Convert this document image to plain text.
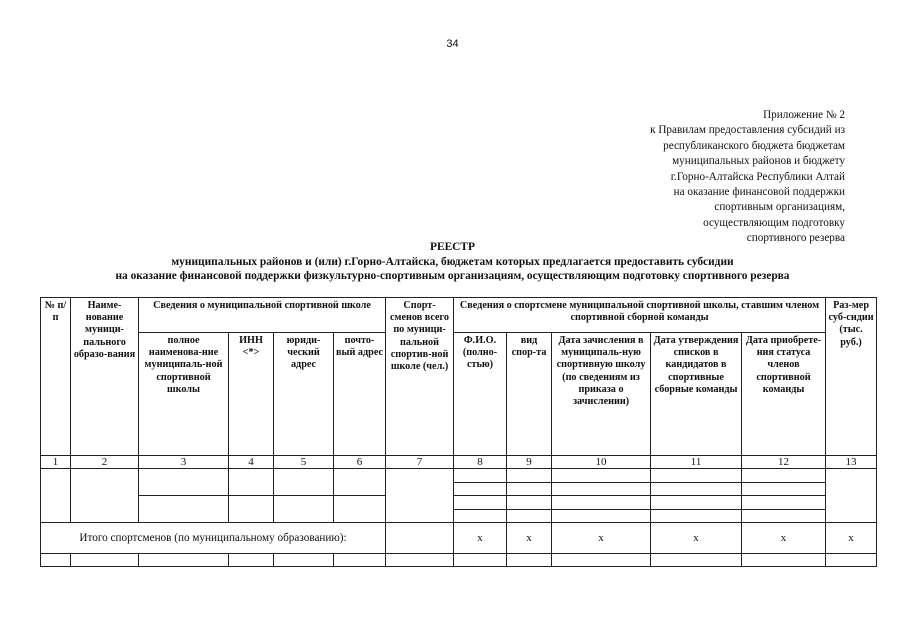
34
Приложение № 2
к Правилам предоставления субсидий из
республиканского бюджета бюджетам
муниципальных районов и бюджету
г.Горно-Алтайска Республики Алтай
на оказание финансовой поддержки
спортивным организациям,
осуществляющим подготовку
спортивного резерва
РЕЕСТР
муниципальных районов и (или) г.Горно-Алтайска, бюджетам которых предлагается предоставить субсидии
на оказание финансовой поддержки физкультурно-спортивным организациям, осуществляющим подготовку спортивного резерва
№ п/п	Наиме-нование муници-пального образо-вания	Сведения о муниципальной спортивной школе				Спорт-сменов всего по муници-пальной спортив-ной школе (чел.)	Сведения о спортсмене муниципальной спортивной школы, ставшим членом спортивной сборной команды					Раз-мер суб-сидии (тыс. руб.)
		полное наименова-ние муниципаль-ной спортивной школы	ИНН <*>	юриди-ческий адрес	почто-вый адрес		Ф.И.О. (полно-стью)	вид спор-та	Дата зачисления в муниципаль-ную спортивную школу (по сведениям из приказа о зачислении)	Дата утверждения списков в кандидатов в спортивные сборные команды	Дата приобрете-ния статуса членов спортивной команды	
1	2	3	4	5	6	7	8	9	10	11	12	13

Итого спортсменов (по муниципальному образованию):							х	х	х	х	х	х
